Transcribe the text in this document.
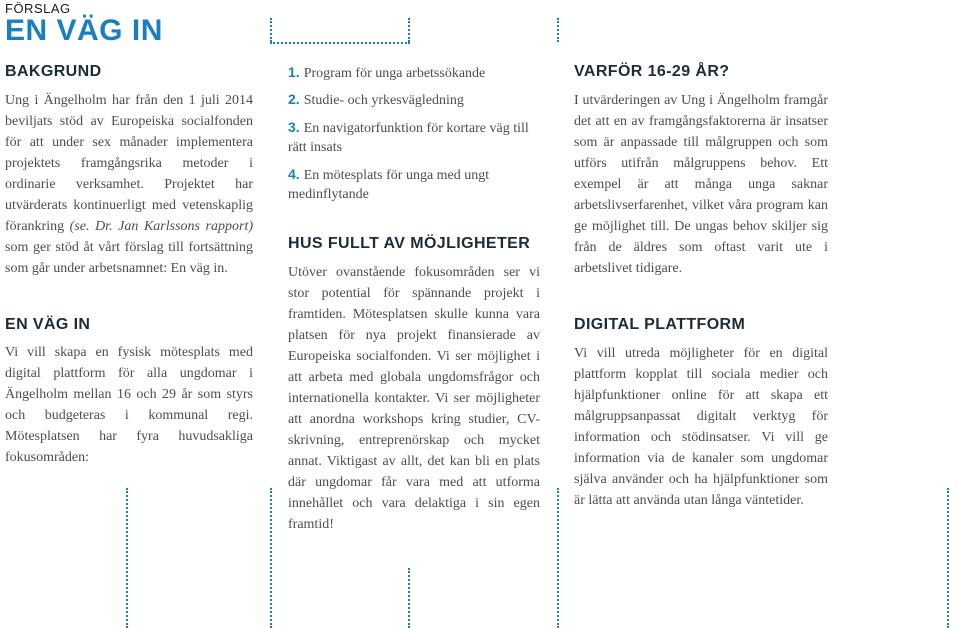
FÖRSLAG
EN VÄG IN
BAKGRUND

Ung i Ängelholm har från den 1 juli 2014 beviljats stöd av Europeiska socialfonden för att under sex månader implementera projektets framgångsrika metoder i ordinarie verksamhet. Projektet har utvärderats kontinuerligt med vetenskaplig förankring (se. Dr. Jan Karlssons rapport) som ger stöd åt vårt förslag till fortsättning som går under arbetsnamnet: En väg in.

EN VÄG IN

Vi vill skapa en fysisk mötesplats med digital plattform för alla ungdomar i Ängelholm mellan 16 och 29 år som styrs och budgeteras i kommunal regi. Mötesplatsen har fyra huvudsakliga fokusområden:

1. Program för unga arbetssökande

2. Studie- och yrkesvägledning

3. En navigatorfunktion för kortare väg till rätt insats

4. En mötesplats för unga med ungt medinflytande

HUS FULLT AV MÖJLIGHETER

Utöver ovanstående fokusområden ser vi stor potential för spännande projekt i framtiden. Mötesplatsen skulle kunna vara platsen för nya projekt finansierade av Europeiska socialfonden. Vi ser möjlighet i att arbeta med globala ungdomsfrågor och internationella kontakter. Vi ser möjligheter att anordna workshops kring studier, CV-skrivning, entreprenörskap och mycket annat. Viktigast av allt, det kan bli en plats där ungdomar får vara med att utforma innehållet och vara delaktiga i sin egen framtid!

VARFÖR 16-29 ÅR?

I utvärderingen av Ung i Ängelholm framgår det att en av framgångsfaktorerna är insatser som är anpassade till målgruppen och som utförs utifrån målgruppens behov. Ett exempel är att många unga saknar arbetslivserfarenhet, vilket våra program kan ge möjlighet till. De ungas behov skiljer sig från de äldres som oftast varit ute i arbetslivet tidigare.

DIGITAL PLATTFORM

Vi vill utreda möjligheter för en digital plattform kopplat till sociala medier och hjälpfunktioner online för att skapa ett målgruppsanpassat digitalt verktyg för information och stödinsatser. Vi vill ge information via de kanaler som ungdomar själva använder och ha hjälpfunktioner som är lätta att använda utan långa väntetider.
